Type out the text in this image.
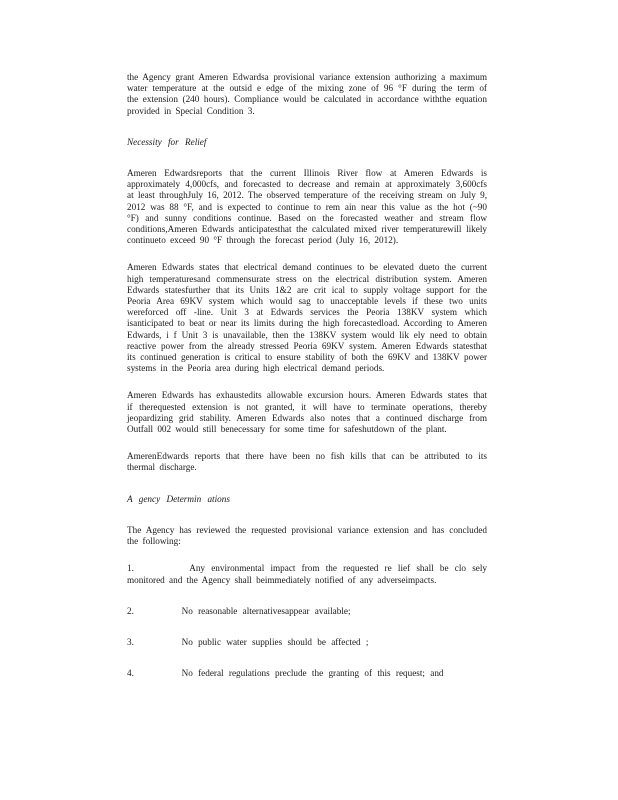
the Agency grant Ameren Edwardsa provisional variance extension authorizing a maximum water temperature at the outsid e edge of the mixing zone of 96 °F during the term of the extension (240 hours). Compliance would be calculated in accordance withthe equation provided in Special Condition 3.

Necessity for Relief

Ameren Edwardsreports that the current Illinois River flow at Ameren Edwards is approximately 4,000cfs, and forecasted to decrease and remain at approximately 3,600cfs at least throughJuly 16, 2012. The observed temperature of the receiving stream on July 9, 2012 was 88 °F, and is expected to continue to rem ain near this value as the hot (~90 °F) and sunny conditions continue. Based on the forecasted weather and stream flow conditions,Ameren Edwards anticipatesthat the calculated mixed river temperaturewill likely continueto exceed 90 °F through the forecast period (July 16, 2012).

Ameren Edwards states that electrical demand continues to be elevated dueto the current high temperaturesand commensurate stress on the electrical distribution system. Ameren Edwards statesfurther that its Units 1&2 are crit ical to supply voltage support for the Peoria Area 69KV system which would sag to unacceptable levels if these two units wereforced off -line. Unit 3 at Edwards services the Peoria 138KV system which isanticipated to beat or near its limits during the high forecastedload. According to Ameren Edwards, i f Unit 3 is unavailable, then the 138KV system would lik ely need to obtain reactive power from the already stressed Peoria 69KV system. Ameren Edwards statesthat its continued generation is critical to ensure stability of both the 69KV and 138KV power systems in the Peoria area during high electrical demand periods.

Ameren Edwards has exhaustedits allowable excursion hours. Ameren Edwards states that if therequested extension is not granted, it will have to terminate operations, thereby jeopardizing grid stability. Ameren Edwards also notes that a continued discharge from Outfall 002 would still benecessary for some time for safeshutdown of the plant.

AmerenEdwards reports that there have been no fish kills that can be attributed to its thermal discharge.

A gency Determin ations

The Agency has reviewed the requested provisional variance extension and has concluded the following:

1.	Any environmental impact from the requested re lief shall be clo sely monitored and the Agency shall beimmediately notified of any adverseimpacts.

2.	No reasonable alternativesappear available;

3.	No public water supplies should be affected ;

4.	No federal regulations preclude the granting of this request; and
